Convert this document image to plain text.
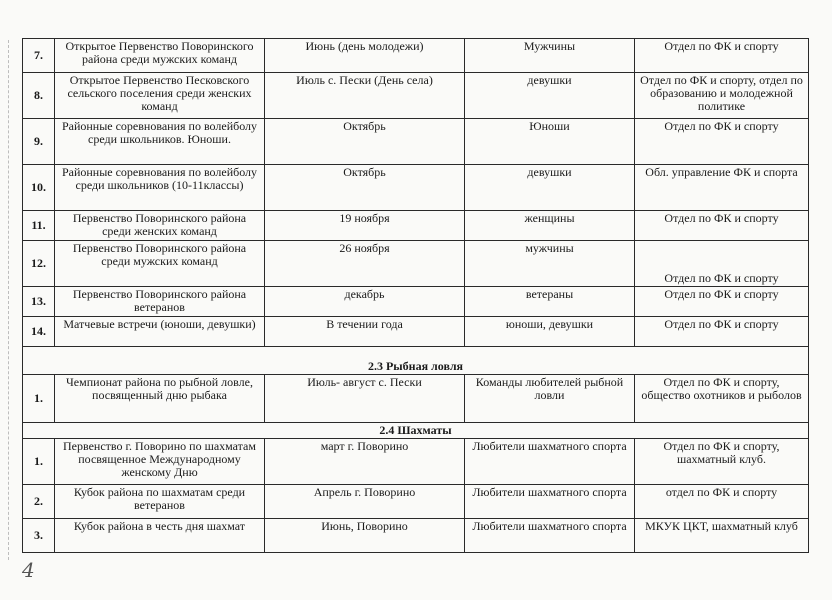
7.	Открытое Первенство Поворинского района среди мужских команд	Июнь (день молодежи)	Мужчины	Отдел по ФК и спорту
8.	Открытое Первенство Песковского сельского поселения среди женских команд	Июль с. Пески (День села)	девушки	Отдел по ФК и спорту, отдел по образованию и молодежной политике
9.	Районные соревнования по волейболу среди школьников. Юноши.	Октябрь	Юноши	Отдел по ФК и спорту
10.	Районные соревнования по волейболу среди школьников (10-11классы)	Октябрь	девушки	Обл. управление ФК и спорта
11.	Первенство Поворинского района среди женских команд	19 ноября	женщины	Отдел по ФК и спорту
12.	Первенство Поворинского района среди мужских команд	26 ноября	мужчины	Отдел по ФК и спорту
13.	Первенство Поворинского района ветеранов	декабрь	ветераны	Отдел по ФК и спорту
14.	Матчевые встречи (юноши, девушки)	В течении года	юноши, девушки	Отдел по ФК и спорту
2.3 Рыбная ловля				
1.	Чемпионат района по рыбной ловле, посвященный дню рыбака	Июль- август с. Пески	Команды любителей рыбной ловли	Отдел по ФК и спорту, общество охотников и рыболов
2.4 Шахматы				
1.	Первенство г. Поворино по шахматам посвященное Международному женскому Дню	март г. Поворино	Любители шахматного спорта	Отдел по ФК и спорту, шахматный клуб.
2.	Кубок района по шахматам среди ветеранов	Апрель г. Поворино	Любители шахматного спорта	отдел по ФК и спорту
3.	Кубок района в честь дня шахмат	Июнь, Поворино	Любители шахматного спорта	МКУК ЦКТ, шахматный клуб
4
